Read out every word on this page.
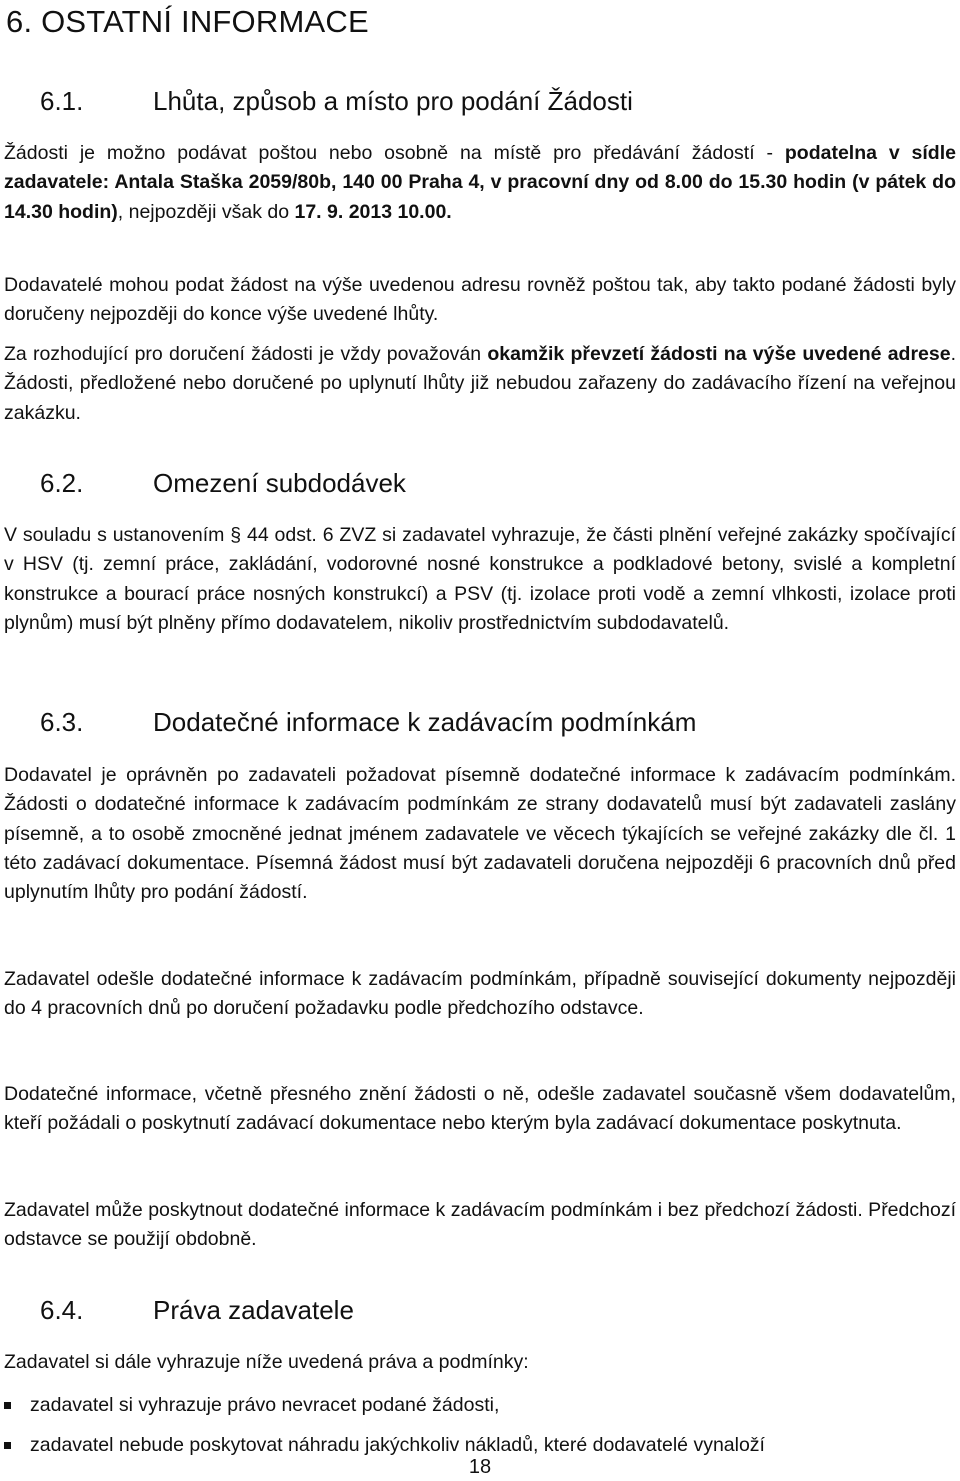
6. OSTATNÍ INFORMACE
6.1.	Lhůta, způsob a místo pro podání Žádosti

Žádosti je možno podávat poštou nebo osobně na místě pro předávání žádostí - podatelna v sídle zadavatele: Antala Staška 2059/80b, 140 00 Praha 4, v pracovní dny od 8.00 do 15.30 hodin (v pátek do 14.30 hodin), nejpozději však do 17. 9. 2013 10.00.

Dodavatelé mohou podat žádost na výše uvedenou adresu rovněž poštou tak, aby takto podané žádosti byly doručeny nejpozději do konce výše uvedené lhůty.

Za rozhodující pro doručení žádosti je vždy považován okamžik převzetí žádosti na výše uvedené adrese. Žádosti, předložené nebo doručené po uplynutí lhůty již nebudou zařazeny do zadávacího řízení na veřejnou zakázku.

6.2.	Omezení subdodávek

V souladu s ustanovením § 44 odst. 6 ZVZ si zadavatel vyhrazuje, že části plnění veřejné zakázky spočívající v HSV (tj. zemní práce, zakládání, vodorovné nosné konstrukce a podkladové betony, svislé a kompletní konstrukce a bourací práce nosných konstrukcí) a PSV (tj. izolace proti vodě a zemní vlhkosti, izolace proti plynům) musí být plněny přímo dodavatelem, nikoliv prostřednictvím subdodavatelů.

6.3.	Dodatečné informace k zadávacím podmínkám

Dodavatel je oprávněn po zadavateli požadovat písemně dodatečné informace k zadávacím podmínkám. Žádosti o dodatečné informace k zadávacím podmínkám ze strany dodavatelů musí být zadavateli zaslány písemně, a to osobě zmocněné jednat jménem zadavatele ve věcech týkajících se veřejné zakázky dle čl. 1 této zadávací dokumentace. Písemná žádost musí být zadavateli doručena nejpozději 6 pracovních dnů před uplynutím lhůty pro podání žádostí.

Zadavatel odešle dodatečné informace k zadávacím podmínkám, případně související dokumenty nejpozději do 4 pracovních dnů po doručení požadavku podle předchozího odstavce.

Dodatečné informace, včetně přesného znění žádosti o ně, odešle zadavatel současně všem dodavatelům, kteří požádali o poskytnutí zadávací dokumentace nebo kterým byla zadávací dokumentace poskytnuta.

Zadavatel může poskytnout dodatečné informace k zadávacím podmínkám i bez předchozí žádosti. Předchozí odstavce se použijí obdobně.

6.4.	Práva zadavatele

Zadavatel si dále vyhrazuje níže uvedená práva a podmínky:

zadavatel si vyhrazuje právo nevracet podané žádosti,
zadavatel nebude poskytovat náhradu jakýchkoliv nákladů, které dodavatelé vynaloží
18
